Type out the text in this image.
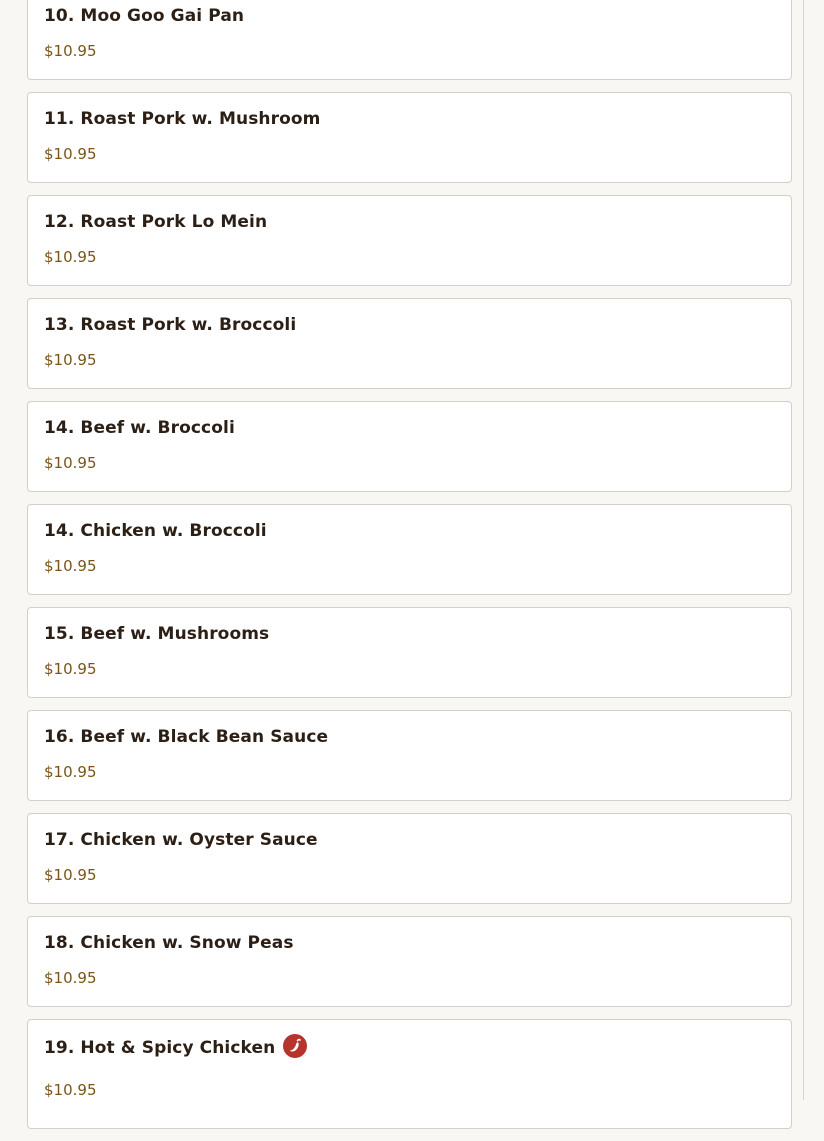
10. Moo Goo Gai Pan
$10.95
11. Roast Pork w. Mushroom
$10.95
12. Roast Pork Lo Mein
$10.95
13. Roast Pork w. Broccoli
$10.95
14. Beef w. Broccoli
$10.95
14. Chicken w. Broccoli
$10.95
15. Beef w. Mushrooms
$10.95
16. Beef w. Black Bean Sauce
$10.95
17. Chicken w. Oyster Sauce
$10.95
18. Chicken w. Snow Peas
$10.95
19. Hot & Spicy Chicken
$10.95
